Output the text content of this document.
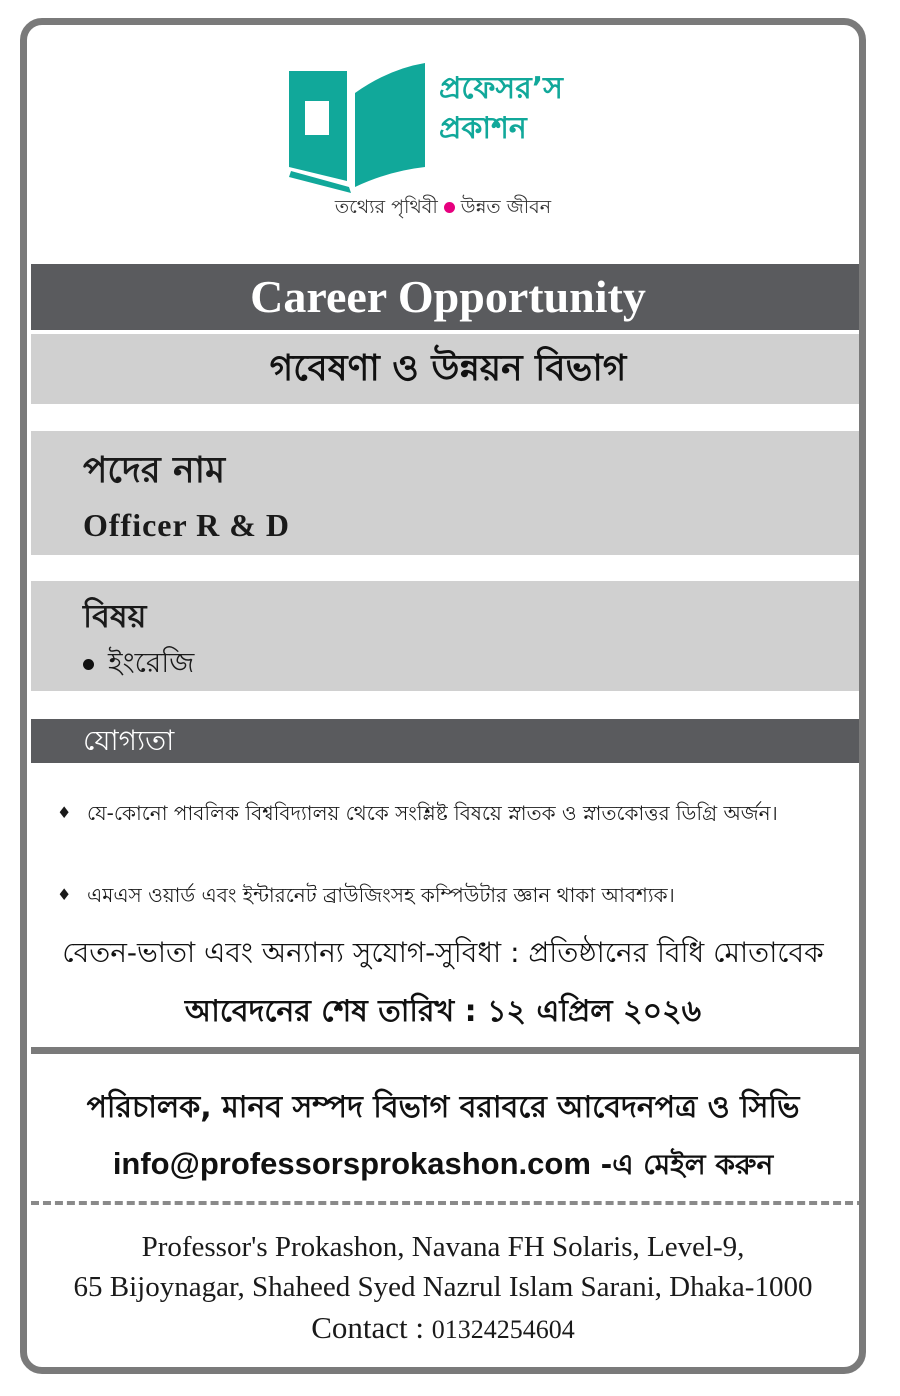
প্রফেসর’স
প্রকাশন
তথ্যের পৃথিবী উন্নত জীবন
Career Opportunity
গবেষণা ও উন্নয়ন বিভাগ
পদের নাম
Officer R & D
বিষয়
ইংরেজি
যোগ্যতা
♦ যে-কোনো পাবলিক বিশ্ববিদ্যালয় থেকে সংশ্লিষ্ট বিষয়ে স্নাতক ও স্নাতকোত্তর ডিগ্রি অর্জন।
♦ এমএস ওয়ার্ড এবং ইন্টারনেট ব্রাউজিংসহ কম্পিউটার জ্ঞান থাকা আবশ্যক।
বেতন-ভাতা এবং অন্যান্য সুযোগ-সুবিধা : প্রতিষ্ঠানের বিধি মোতাবেক
আবেদনের শেষ তারিখ : ১২ এপ্রিল ২০২৬
পরিচালক, মানব সম্পদ বিভাগ বরাবরে আবেদনপত্র ও সিভি
info@professorsprokashon.com -এ মেইল করুন
Professor's Prokashon, Navana FH Solaris, Level-9,
65 Bijoynagar, Shaheed Syed Nazrul Islam Sarani, Dhaka-1000
Contact : 01324254604
